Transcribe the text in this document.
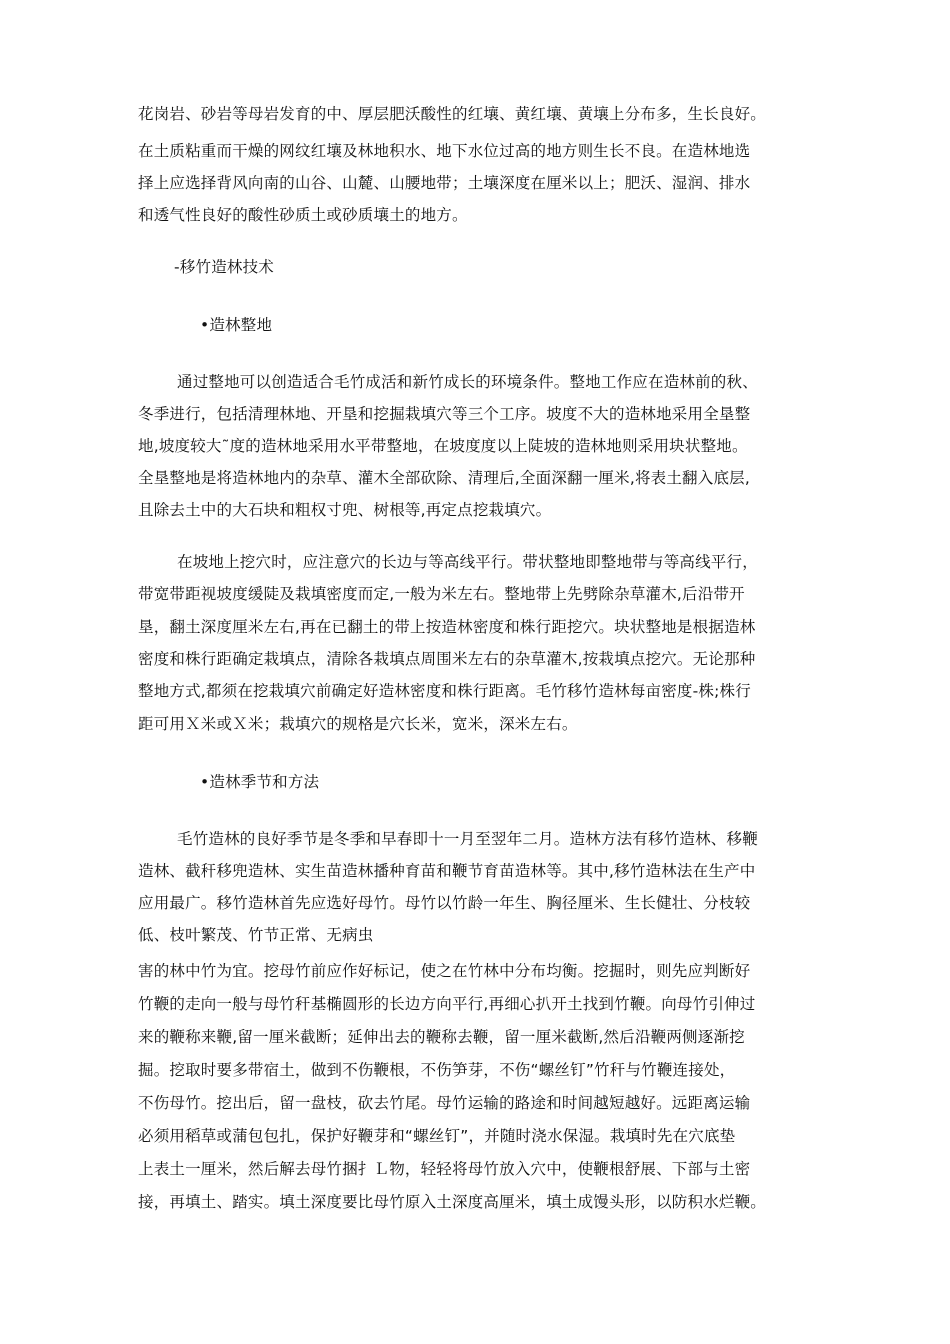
花岗岩、砂岩等母岩发育的中、厚层肥沃酸性的红壤、黄红壤、黄壤上分布多，生长良好。
在土质粘重而干燥的网纹红壤及林地积水、地下水位过高的地方则生长不良。在造林地选
择上应选择背风向南的山谷、山麓、山腰地带；土壤深度在厘米以上；肥沃、湿润、排水
和透气性良好的酸性砂质土或砂质壤土的地方。
-移竹造林技术
•造林整地
通过整地可以创造适合毛竹成活和新竹成长的环境条件。整地工作应在造林前的秋、
冬季进行，包括清理林地、开垦和挖掘栽填穴等三个工序。坡度不大的造林地采用全垦整
地,坡度较大˜度的造林地采用水平带整地，在坡度度以上陡坡的造林地则采用块状整地。
全垦整地是将造林地内的杂草、灌木全部砍除、清理后,全面深翻一厘米,将表土翻入底层,
且除去土中的大石块和粗权寸兜、树根等,再定点挖栽填穴。
在坡地上挖穴时，应注意穴的长边与等高线平行。带状整地即整地带与等高线平行，
带宽带距视坡度缓陡及栽填密度而定,一般为米左右。整地带上先劈除杂草灌木,后沿带开
垦，翻土深度厘米左右,再在已翻土的带上按造林密度和株行距挖穴。块状整地是根据造林
密度和株行距确定栽填点，清除各栽填点周围米左右的杂草灌木,按栽填点挖穴。无论那种
整地方式,都须在挖栽填穴前确定好造林密度和株行距离。毛竹移竹造林每亩密度-株;株行
距可用Ｘ米或Ｘ米；栽填穴的规格是穴长米，宽米，深米左右。
•造林季节和方法
毛竹造林的良好季节是冬季和早春即十一月至翌年二月。造林方法有移竹造林、移鞭
造林、截秆移兜造林、实生苗造林播种育苗和鞭节育苗造林等。其中,移竹造林法在生产中
应用最广。移竹造林首先应选好母竹。母竹以竹龄一年生、胸径厘米、生长健壮、分枝较
低、枝叶繁茂、竹节正常、无病虫
害的林中竹为宜。挖母竹前应作好标记，使之在竹林中分布均衡。挖掘时，则先应判断好
竹鞭的走向一般与母竹秆基椭圆形的长边方向平行,再细心扒开土找到竹鞭。向母竹引伸过
来的鞭称来鞭,留一厘米截断；延伸出去的鞭称去鞭，留一厘米截断,然后沿鞭两侧逐渐挖
掘。挖取时要多带宿土，做到不伤鞭根，不伤笋芽，不伤“螺丝钉”竹秆与竹鞭连接处，
不伤母竹。挖出后，留一盘枝，砍去竹尾。母竹运输的路途和时间越短越好。远距离运输
必须用稻草或蒲包包扎，保护好鞭芽和“螺丝钉”，并随时浇水保湿。栽填时先在穴底垫
上表土一厘米，然后解去母竹捆扌Ｌ物，轻轻将母竹放入穴中，使鞭根舒展、下部与土密
接，再填土、踏实。填土深度要比母竹原入土深度高厘米，填土成馒头形，以防积水烂鞭。
